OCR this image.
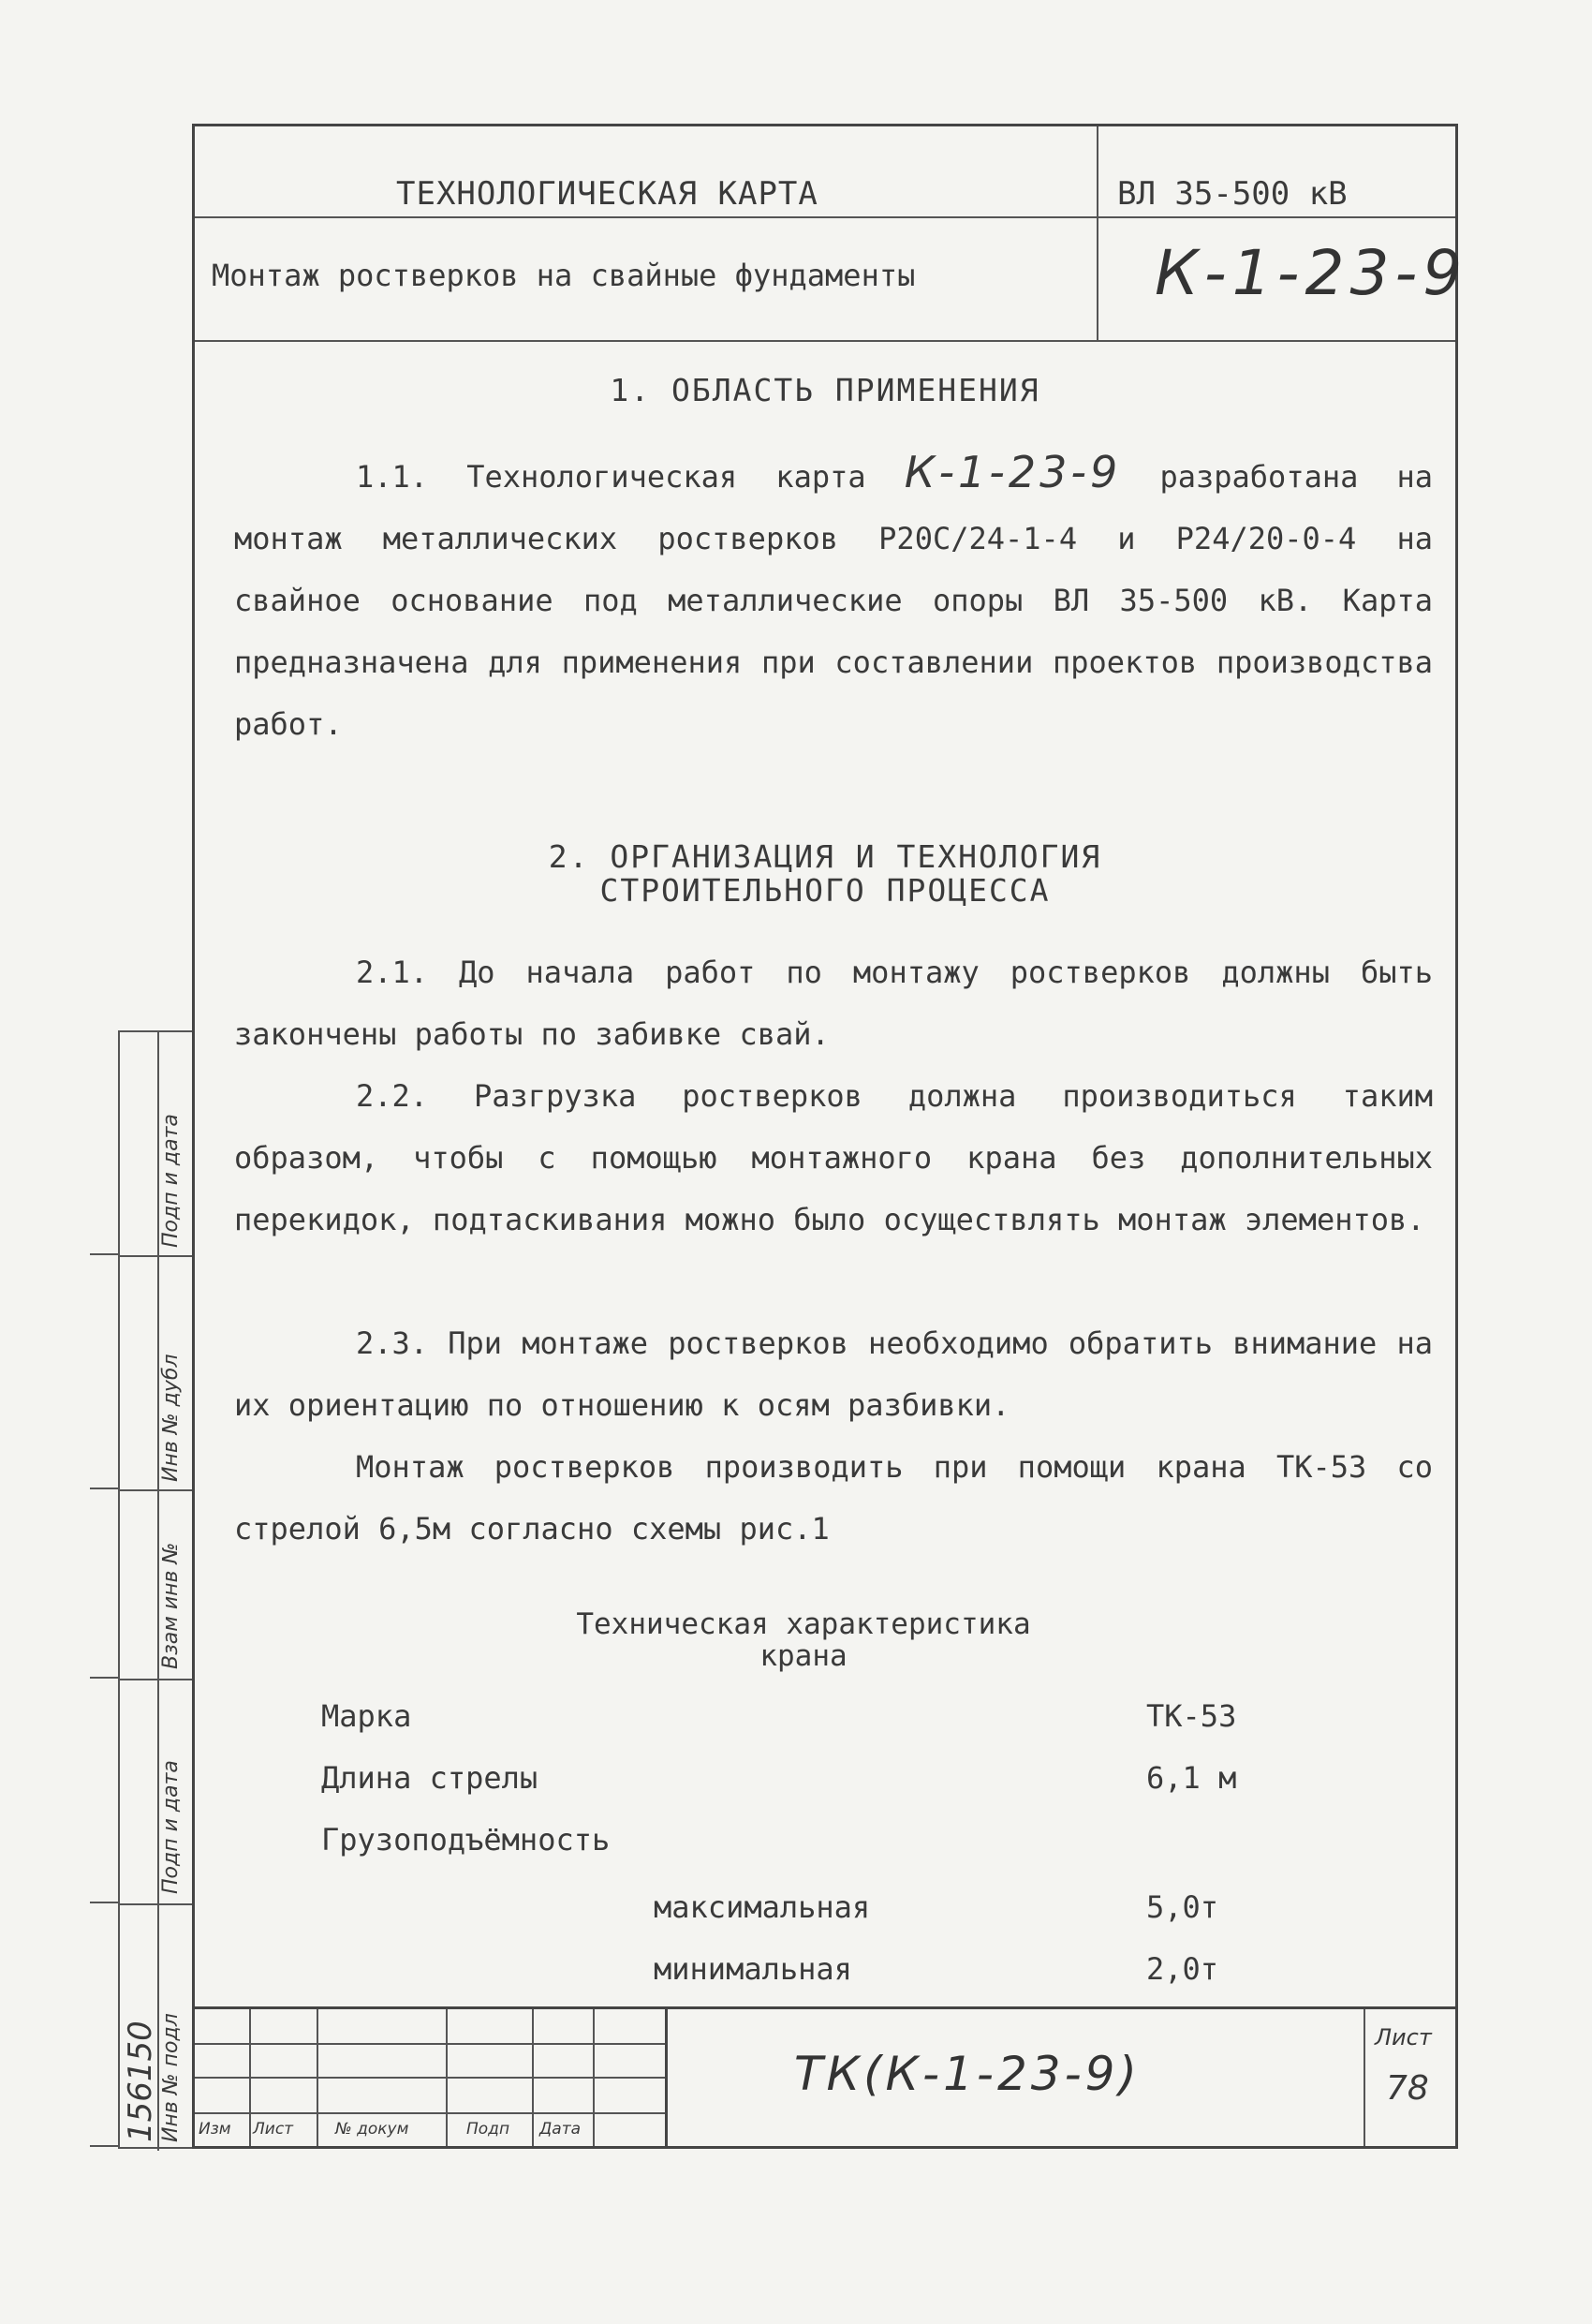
Подп и дата
Инв № дубл
Взам инв №
Подп и дата
Инв № подл
156150
ТЕХНОЛОГИЧЕСКАЯ КАРТА	ВЛ 35-500 кВ
Монтаж ростверков на свайные фундаменты	К-1-23-9
1. ОБЛАСТЬ ПРИМЕНЕНИЯ
1.1. Технологическая карта К-1-23-9 разработана на монтаж металлических ростверков Р20С/24-1-4 и Р24/20-0-4 на свайное основание под металлические опоры ВЛ 35-500 кВ. Карта предназначена для применения при составлении проектов производства работ.
2. ОРГАНИЗАЦИЯ И ТЕХНОЛОГИЯ
СТРОИТЕЛЬНОГО ПРОЦЕССА
2.1. До начала работ по монтажу ростверков должны быть закончены работы по забивке свай.
2.2. Разгрузка ростверков должна производиться таким образом, чтобы с помощью монтажного крана без дополнительных перекидок, подтаскивания можно было осуществлять монтаж элементов.
2.3. При монтаже ростверков необходимо обратить внимание на их ориентацию по отношению к осям разбивки.
Монтаж ростверков производить при помощи крана ТК-53 со стрелой 6,5м согласно схемы рис.1
Техническая характеристика
крана
Марка	ТК-53
Длина стрелы	6,1 м
Грузоподъёмность
максимальная	5,0т
минимальная	2,0т
Изм Лист	№ докум	Подп Дата
ТК(К-1-23-9)
Лист
78
